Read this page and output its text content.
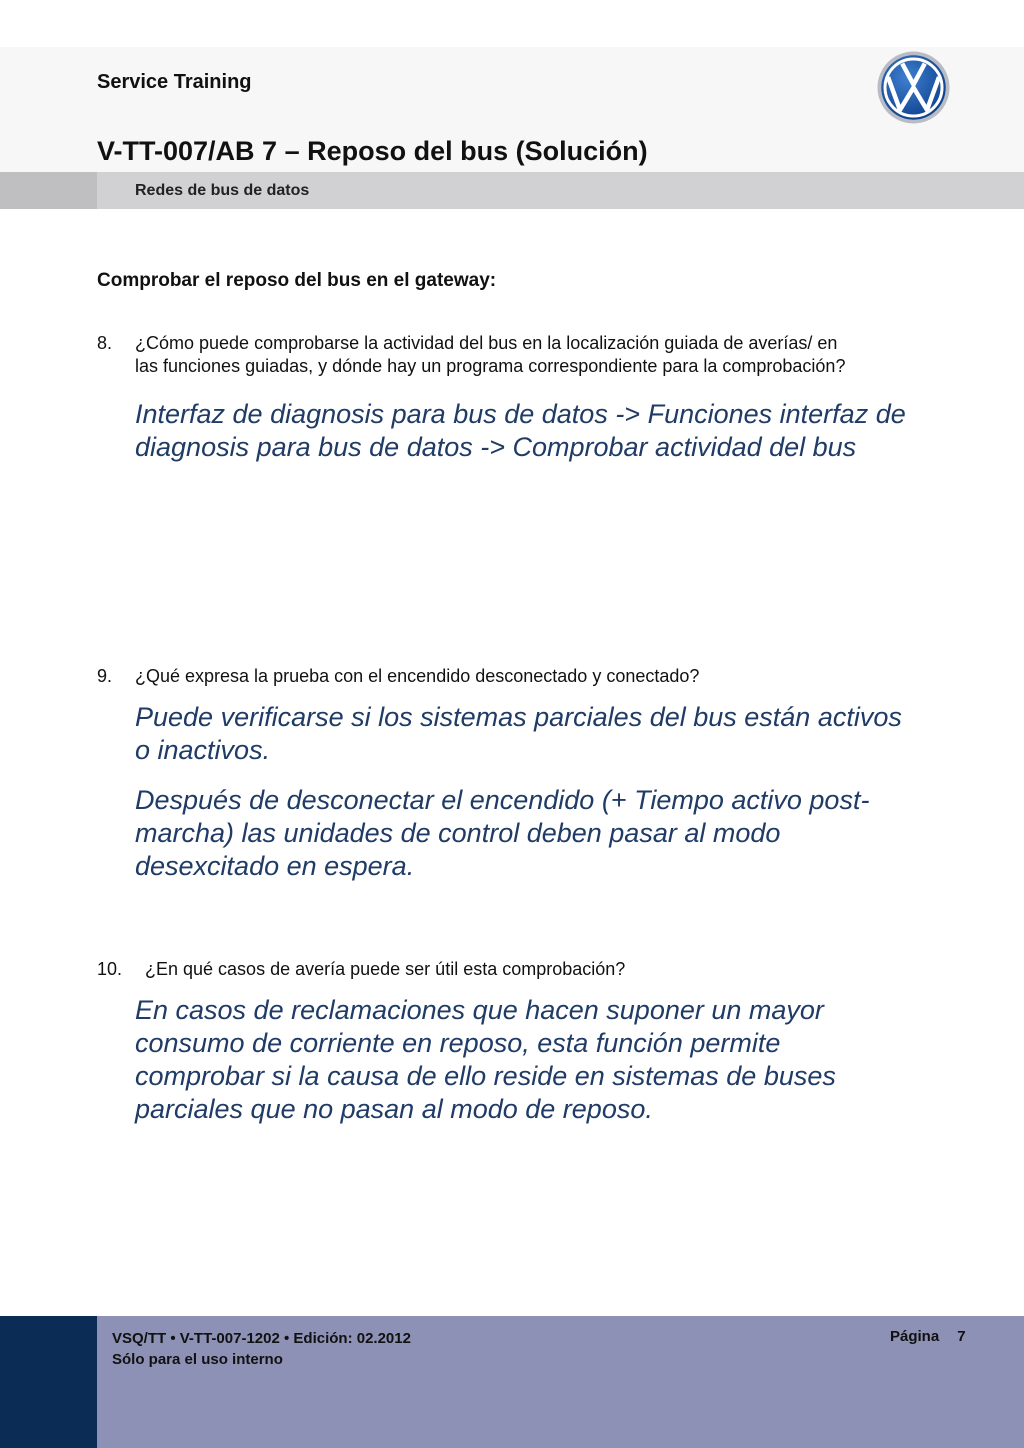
Service Training
V-TT-007/AB 7 – Reposo del bus (Solución)
Redes de bus de datos
Comprobar el reposo del bus en el gateway:
8. ¿Cómo puede comprobarse la actividad del bus en la localización guiada de averías/ en
las funciones guiadas, y dónde hay un programa correspondiente para la comprobación?
Interfaz de diagnosis para bus de datos -> Funciones interfaz de
diagnosis para bus de datos -> Comprobar actividad del bus
9. ¿Qué expresa la prueba con el encendido desconectado y conectado?
Puede verificarse si los sistemas parciales del bus están activos
o inactivos.
Después de desconectar el encendido (+ Tiempo activo post-
marcha) las unidades de control deben pasar al modo
desexcitado en espera.
10. ¿En qué casos de avería puede ser útil esta comprobación?
En casos de reclamaciones que hacen suponer un mayor
consumo de corriente en reposo, esta función permite
comprobar si la causa de ello reside en sistemas de buses
parciales que no pasan al modo de reposo.
VSQ/TT • V-TT-007-1202 • Edición: 02.2012
Sólo para el uso interno
Página 7
